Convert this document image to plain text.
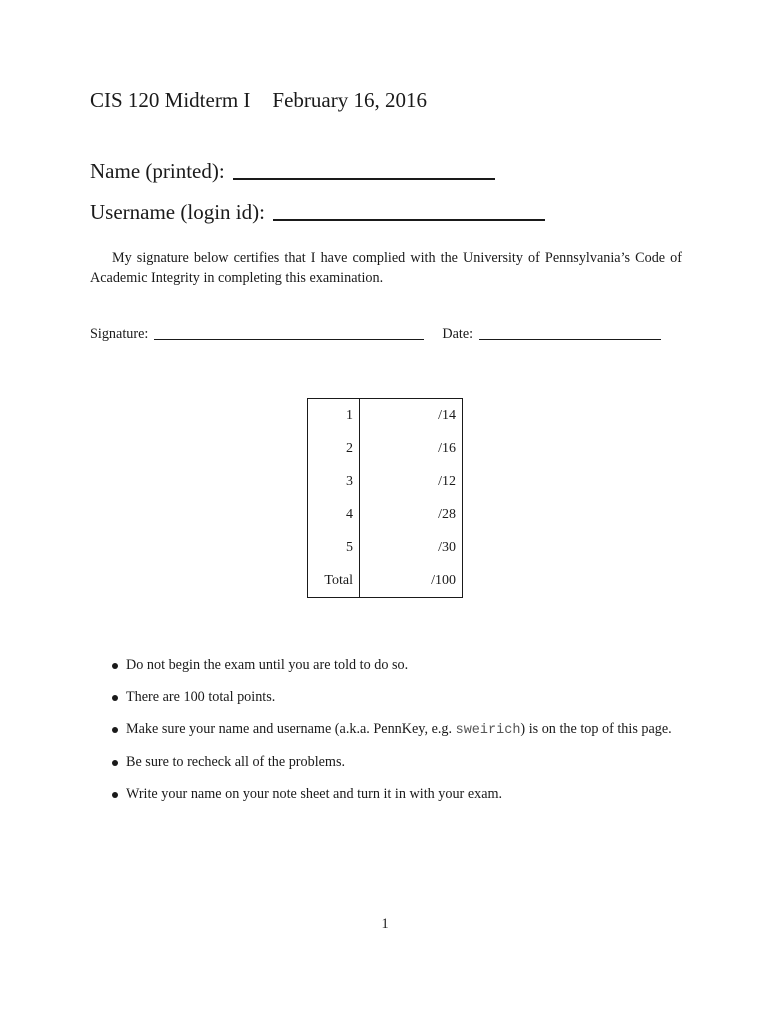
CIS 120 Midterm I February 16, 2016
Name (printed):
Username (login id):

My signature below certifies that I have complied with the University of Pennsylvania’s Code of Academic Integrity in completing this examination.

Signature:	Date:
1	/14
2	/16
3	/12
4	/28
5	/30
Total	/100
Do not begin the exam until you are told to do so.
There are 100 total points.
Make sure your name and username (a.k.a. PennKey, e.g. sweirich) is on the top of this page.
Be sure to recheck all of the problems.
Write your name on your note sheet and turn it in with your exam.
1
